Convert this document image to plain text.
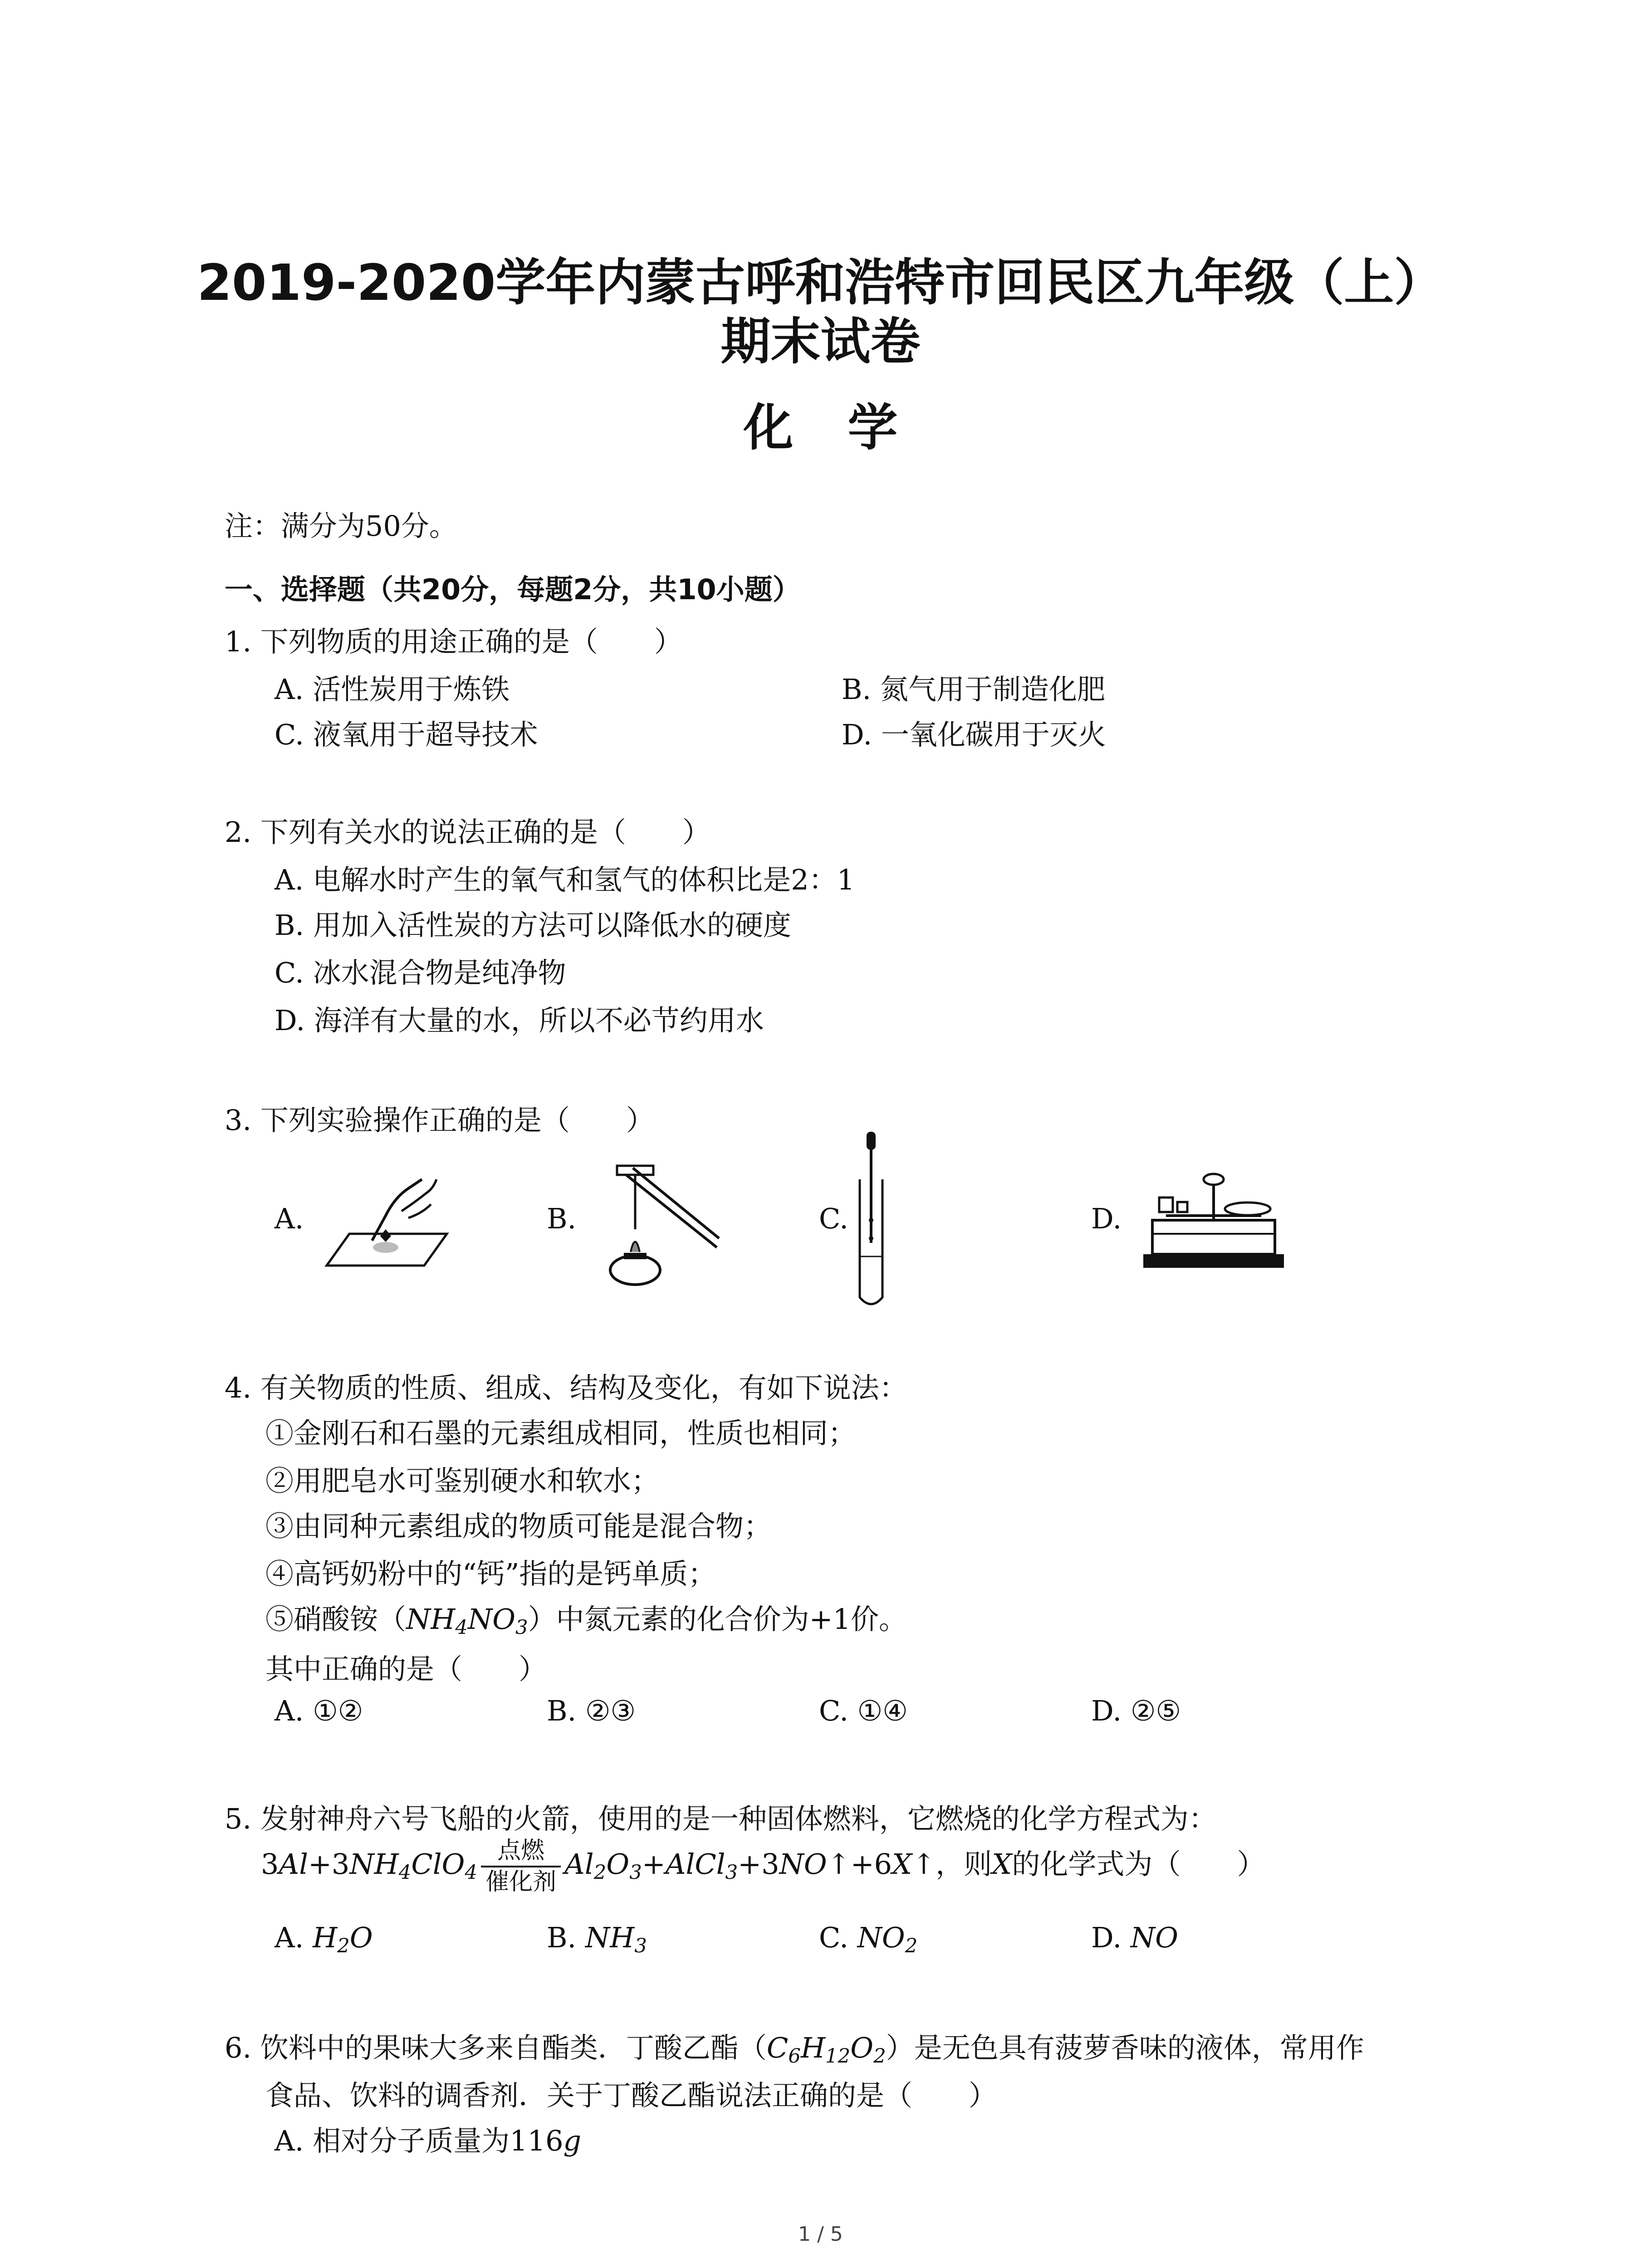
2019-2020学年内蒙古呼和浩特市回民区九年级（上）
期末试卷
化学
注：满分为50分。
一、选择题（共20分，每题2分，共10小题）
1. 下列物质的用途正确的是（　　）
A. 活性炭用于炼铁	B. 氮气用于制造化肥
C. 液氧用于超导技术	D. 一氧化碳用于灭火
2. 下列有关水的说法正确的是（　　）
A. 电解水时产生的氧气和氢气的体积比是2：1
B. 用加入活性炭的方法可以降低水的硬度
C. 冰水混合物是纯净物
D. 海洋有大量的水，所以不必节约用水
3. 下列实验操作正确的是（　　）
A.	B.	C.	D.
4. 有关物质的性质、组成、结构及变化，有如下说法：
①金刚石和石墨的元素组成相同，性质也相同；
②用肥皂水可鉴别硬水和软水；
③由同种元素组成的物质可能是混合物；
④高钙奶粉中的“钙”指的是钙单质；
⑤硝酸铵$(NH_4NO_3)$中氮元素的化合价为+1价。
其中正确的是（　　）
A. ①②	B. ②③	C. ①④	D. ②⑤
5. 发射神舟六号飞船的火箭，使用的是一种固体燃料，它燃烧的化学方程式为：
$3Al+3NH_4ClO_4 \frac{\text{点燃}}{\text{催化剂}}$ $Al_2O_3+AlCl_3+3NO↑+6X↑$，则X的化学式为（　　）
A. $H_2O$	B. $NH_3$	C. $NO_2$	D. NO
6. 饮料中的果味大多来自酯类．丁酸乙酯$(C_6H_{12}O_2)$是无色具有菠萝香味的液体，常用作
食品、饮料的调香剂．关于丁酸乙酯说法正确的是（　　）
A. 相对分子质量为116g
1 / 5
